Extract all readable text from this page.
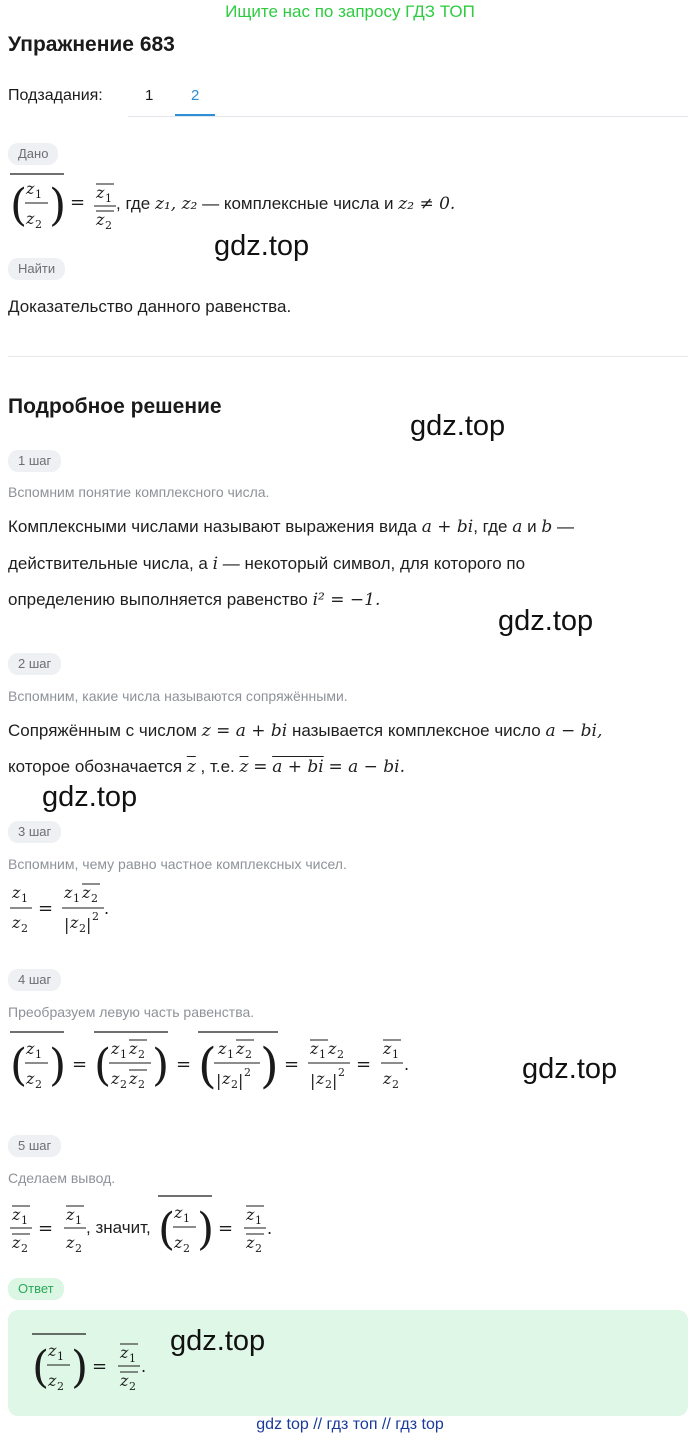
Ищите нас по запросу ГДЗ ТОП
Упражнение 683
Подзадания:	1	2
Дано
(
z 1
z 2 ) = z 1
z 2
, где z₁, z₂ — комплексные числа и z₂ ≠ 0.
gdz.top
Найти
Доказательство данного равенства.
Подробное решение
gdz.top
1 шаг
Вспомним понятие комплексного числа.
Комплексными числами называют выражения вида a + bi, где a и b —
действительные числа, а i — некоторый символ, для которого по
определению выполняется равенство i² = −1.
gdz.top
2 шаг
Вспомним, какие числа называются сопряжёнными.
Сопряжённым с числом z = a + bi называется комплексное число a − bi,
которое обозначается $\overline{z}$ , т.е. $\overline{z} = a$ + bi = a − bi.
gdz.top
3 шаг
Вспомним, чему равно частное комплексных чисел.
z 1
z 2
=
z 1 z 2
| z 2 | 2 .
4 шаг
Преобразуем левую часть равенства.
(
z 1
z 2 ) = ( z 1 z 2
z 2 z 2 ) = ( z 1 z 2
| z 2 | 2 ) =
z 1 z 2
| z 2 | 2 =
z 1
z 2
.	gdz.top
5 шаг
Сделаем вывод.
z 1
z 2
=
z 1
z 2
, значит, (
z 1
z 2 ) =
z 1
z 2
.
Ответ
(
z 1
z 2 ) =
z 1
z 2
.
gdz.top
gdz top // гдз топ // гдз top
